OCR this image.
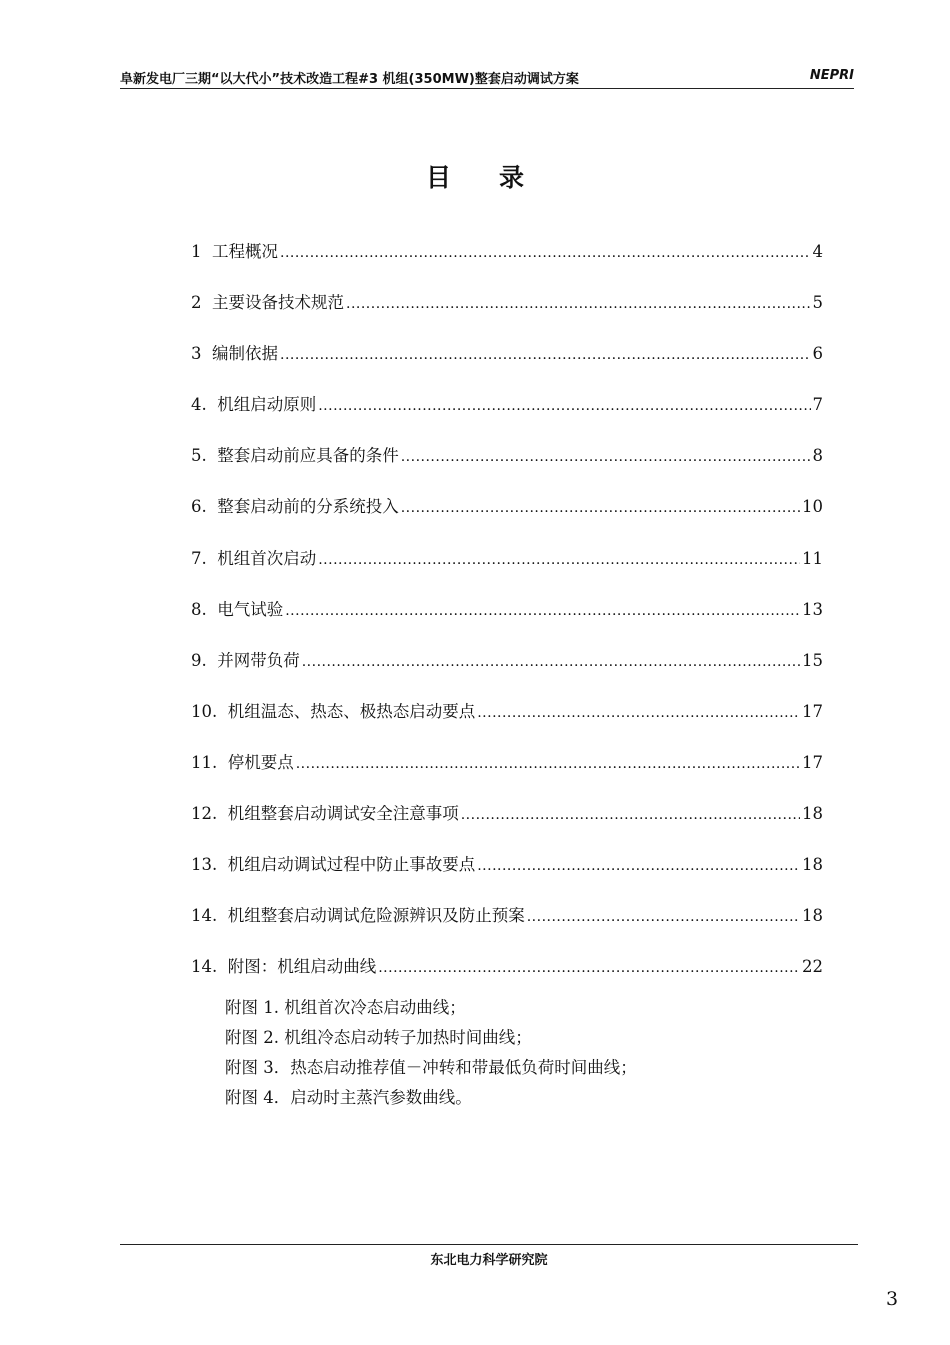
阜新发电厂三期“以大代小”技术改造工程#3 机组(350MW)整套启动调试方案	NEPRI
目录
1 工程概况 .....	4
2 主要设备技术规范 .....	5
3 编制依据 .....	6
4. 机组启动原则 .....	7
5. 整套启动前应具备的条件 .....	8
6. 整套启动前的分系统投入 .....	10
7. 机组首次启动 .....	11
8. 电气试验 .....	13
9. 并网带负荷 .....	15
10. 机组温态、热态、极热态启动要点 .....	17
11. 停机要点 .....	17
12. 机组整套启动调试安全注意事项 .....	18
13. 机组启动调试过程中防止事故要点 .....	18
14. 机组整套启动调试危险源辨识及防止预案 .....	18
14. 附图：机组启动曲线 .....	22
附图 1. 机组首次冷态启动曲线；
附图 2. 机组冷态启动转子加热时间曲线；
附图 3．热态启动推荐值－冲转和带最低负荷时间曲线；
附图 4．启动时主蒸汽参数曲线。
东北电力科学研究院
3
